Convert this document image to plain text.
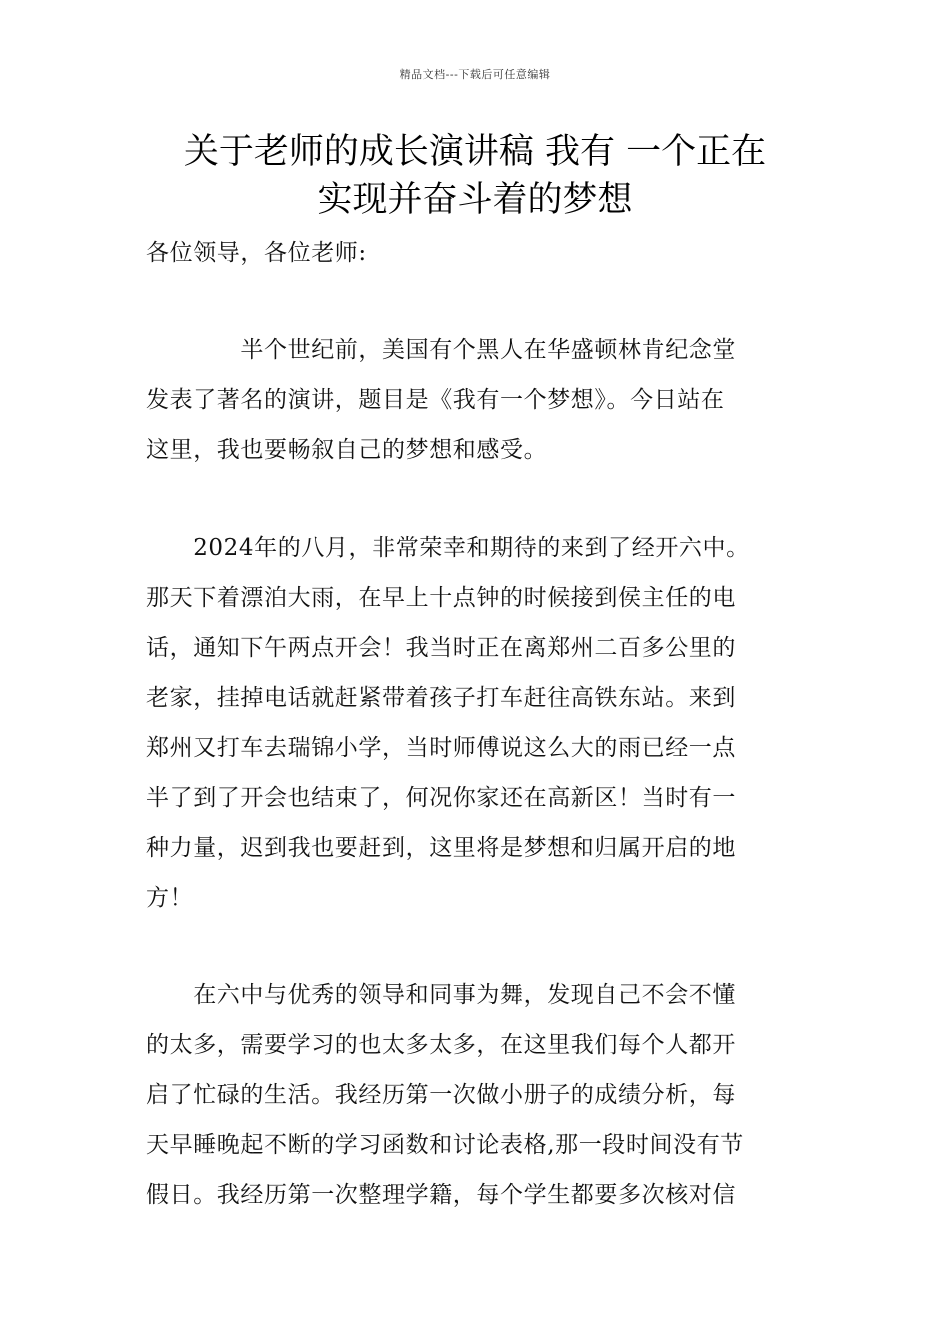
精品文档---下载后可任意编辑
关于老师的成长演讲稿 我有 一个正在
实现并奋斗着的梦想

各位领导，各位老师:

　　　　半个世纪前，美国有个黑人在华盛顿林肯纪念堂
发表了著名的演讲，题目是《我有一个梦想》。今日站在
这里，我也要畅叙自己的梦想和感受。

　　2024年的八月，非常荣幸和期待的来到了经开六中。
那天下着漂泊大雨，在早上十点钟的时候接到侯主任的电
话，通知下午两点开会！我当时正在离郑州二百多公里的
老家，挂掉电话就赶紧带着孩子打车赶往高铁东站。来到
郑州又打车去瑞锦小学，当时师傅说这么大的雨已经一点
半了到了开会也结束了，何况你家还在高新区！当时有一
种力量，迟到我也要赶到，这里将是梦想和归属开启的地
方！

　　在六中与优秀的领导和同事为舞，发现自己不会不懂
的太多，需要学习的也太多太多，在这里我们每个人都开
启了忙碌的生活。我经历第一次做小册子的成绩分析，每
天早睡晚起不断的学习函数和讨论表格,那一段时间没有节
假日。我经历第一次整理学籍，每个学生都要多次核对信
